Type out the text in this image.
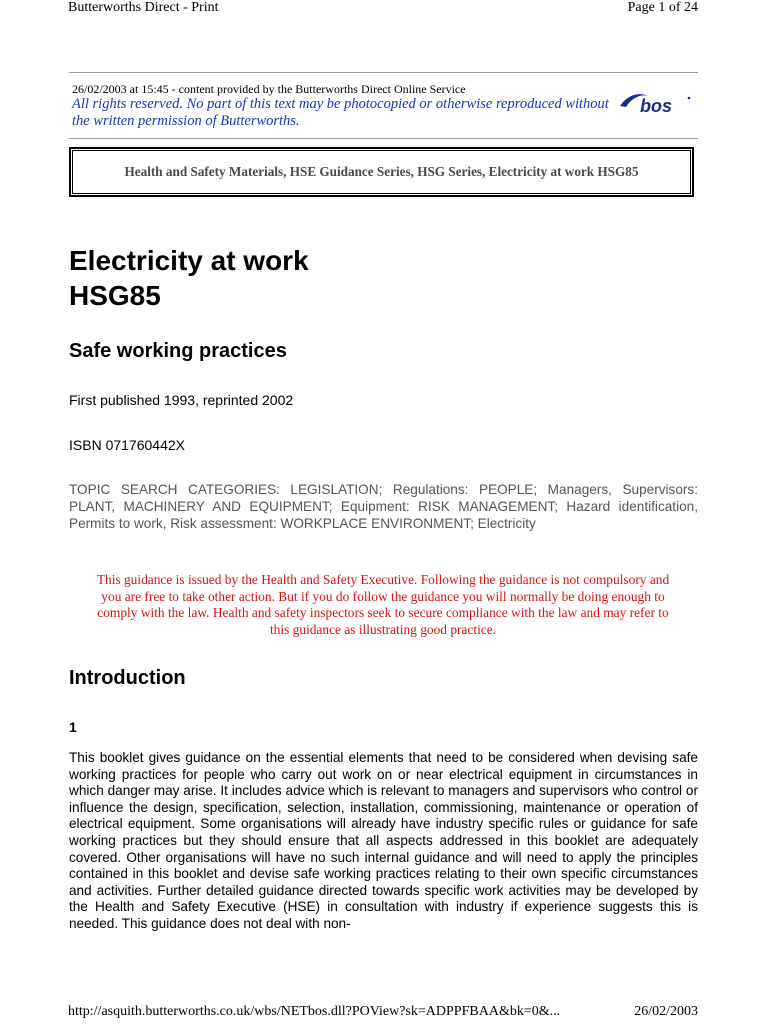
Butterworths Direct - Print	Page 1 of 24
26/02/2003 at 15:45 - content provided by the Butterworths Direct Online Service
All rights reserved. No part of this text may be photocopied or otherwise reproduced without the written permission of Butterworths.
bos
Health and Safety Materials, HSE Guidance Series, HSG Series, Electricity at work HSG85
Electricity at work
HSG85
Safe working practices

First published 1993, reprinted 2002

ISBN 071760442X

TOPIC SEARCH CATEGORIES: LEGISLATION; Regulations: PEOPLE; Managers, Supervisors: PLANT, MACHINERY AND EQUIPMENT; Equipment: RISK MANAGEMENT; Hazard identification, Permits to work, Risk assessment: WORKPLACE ENVIRONMENT; Electricity

This guidance is issued by the Health and Safety Executive. Following the guidance is not compulsory and you are free to take other action. But if you do follow the guidance you will normally be doing enough to comply with the law. Health and safety inspectors seek to secure compliance with the law and may refer to this guidance as illustrating good practice.

Introduction

1

This booklet gives guidance on the essential elements that need to be considered when devising safe working practices for people who carry out work on or near electrical equipment in circumstances in which danger may arise. It includes advice which is relevant to managers and supervisors who control or influence the design, specification, selection, installation, commissioning, maintenance or operation of electrical equipment. Some organisations will already have industry specific rules or guidance for safe working practices but they should ensure that all aspects addressed in this booklet are adequately covered. Other organisations will have no such internal guidance and will need to apply the principles contained in this booklet and devise safe working practices relating to their own specific circumstances and activities. Further detailed guidance directed towards specific work activities may be developed by the Health and Safety Executive (HSE) in consultation with industry if experience suggests this is needed. This guidance does not deal with non-

http://asquith.butterworths.co.uk/wbs/NETbos.dll?POView?sk=ADPPFBAA&bk=0&...	26/02/2003
